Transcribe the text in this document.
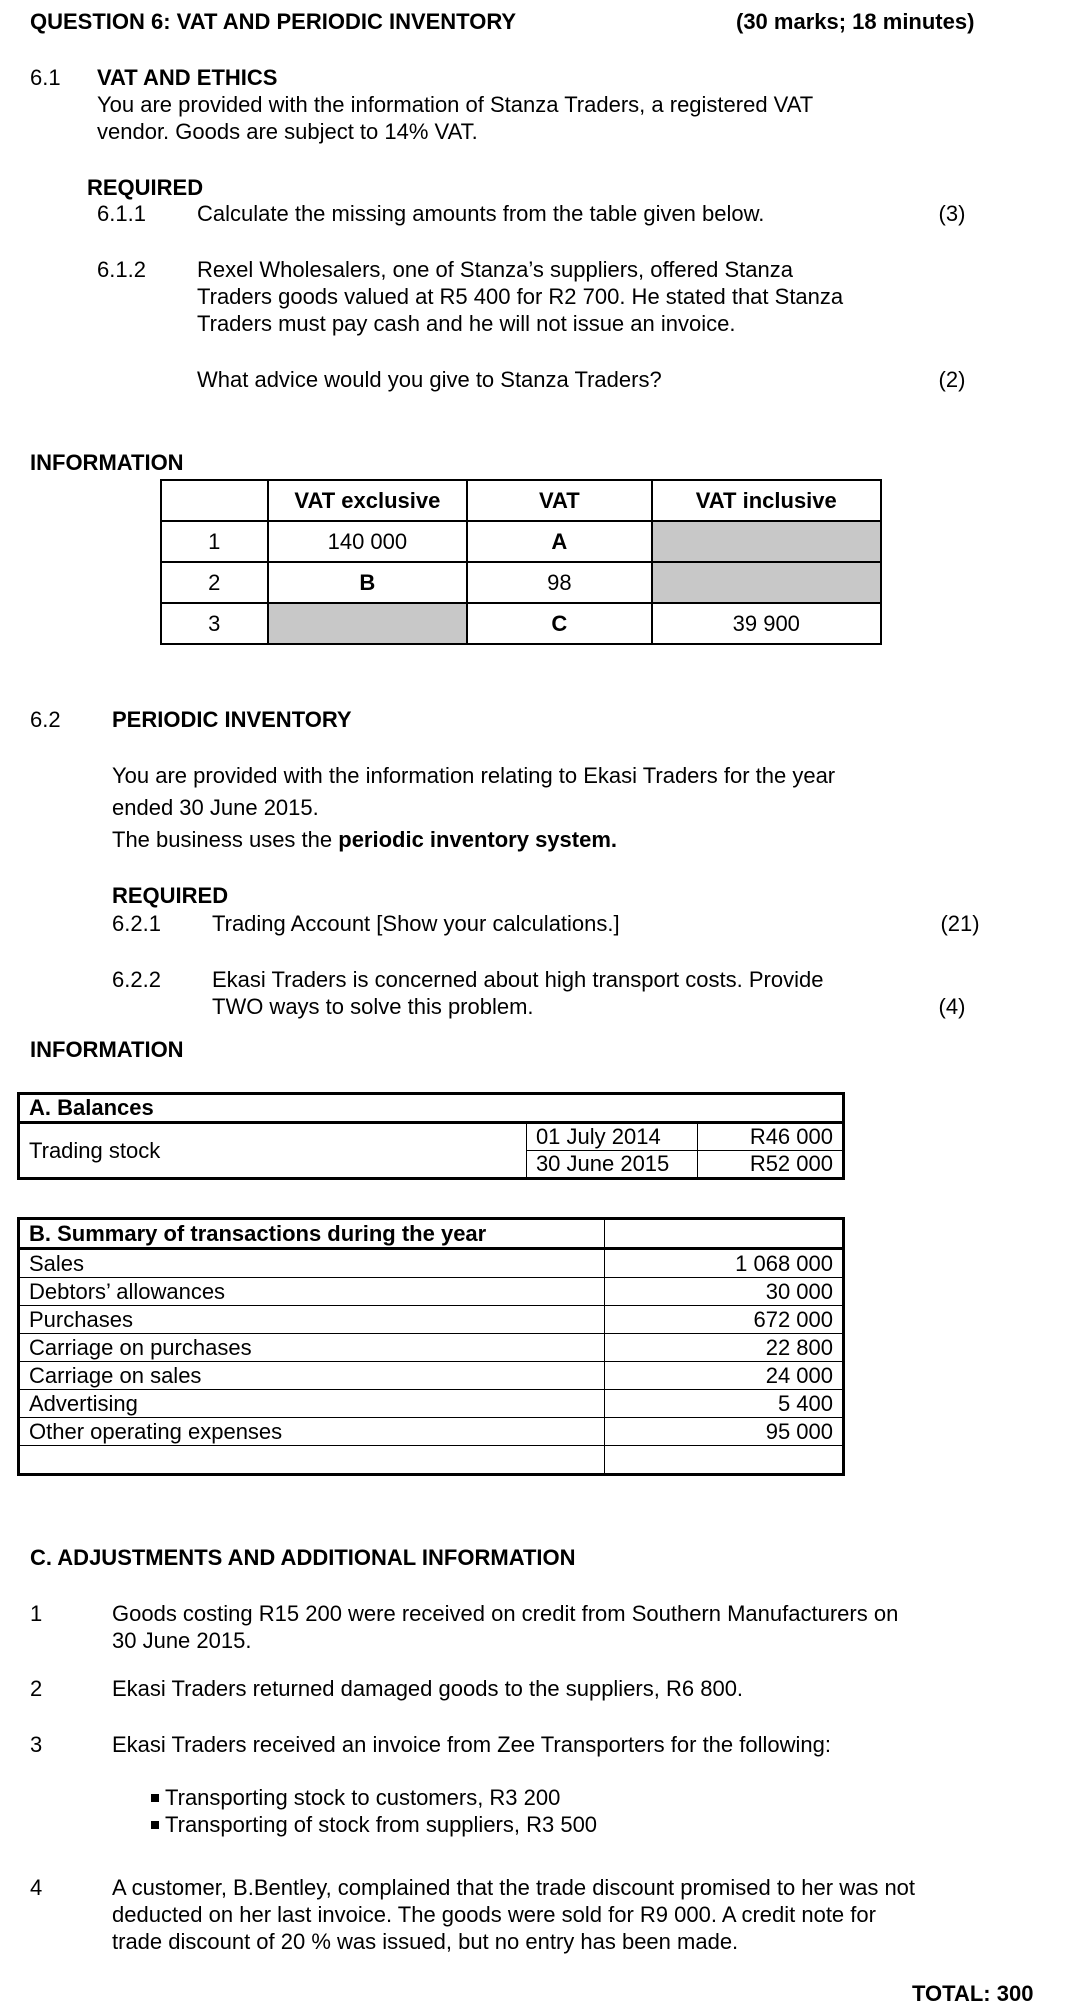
QUESTION 6: VAT AND PERIODIC INVENTORY	(30 marks; 18 minutes)
6.1 VAT AND ETHICS
You are provided with the information of Stanza Traders, a registered VAT
vendor. Goods are subject to 14% VAT.
REQUIRED
6.1.1 Calculate the missing amounts from the table given below.	(3)
6.1.2 Rexel Wholesalers, one of Stanza’s suppliers, offered Stanza
Traders goods valued at R5 400 for R2 700. He stated that Stanza
Traders must pay cash and he will not issue an invoice.
What advice would you give to Stanza Traders?	(2)
INFORMATION
	VAT exclusive	VAT	VAT inclusive
1	140 000	A	
2	B	98	
3		C	39 900
6.2 PERIODIC INVENTORY
You are provided with the information relating to Ekasi Traders for the year
ended 30 June 2015.
The business uses the periodic inventory system.
REQUIRED
6.2.1 Trading Account [Show your calculations.]	(21)
6.2.2 Ekasi Traders is concerned about high transport costs. Provide
TWO ways to solve this problem.	(4)
INFORMATION
A. Balances		
Trading stock	01 July 2014	R46 000
	30 June 2015	R52 000
B. Summary of transactions during the year	
Sales	1 068 000
Debtors’ allowances	30 000
Purchases	672 000
Carriage on purchases	22 800
Carriage on sales	24 000
Advertising	5 400
Other operating expenses	95 000

C. ADJUSTMENTS AND ADDITIONAL INFORMATION
1	Goods costing R15 200 were received on credit from Southern Manufacturers on
30 June 2015.
2	Ekasi Traders returned damaged goods to the suppliers, R6 800.
3	Ekasi Traders received an invoice from Zee Transporters for the following:
Transporting stock to customers, R3 200
Transporting of stock from suppliers, R3 500
4	A customer, B.Bentley, complained that the trade discount promised to her was not
deducted on her last invoice. The goods were sold for R9 000. A credit note for
trade discount of 20 % was issued, but no entry has been made.
TOTAL: 300
